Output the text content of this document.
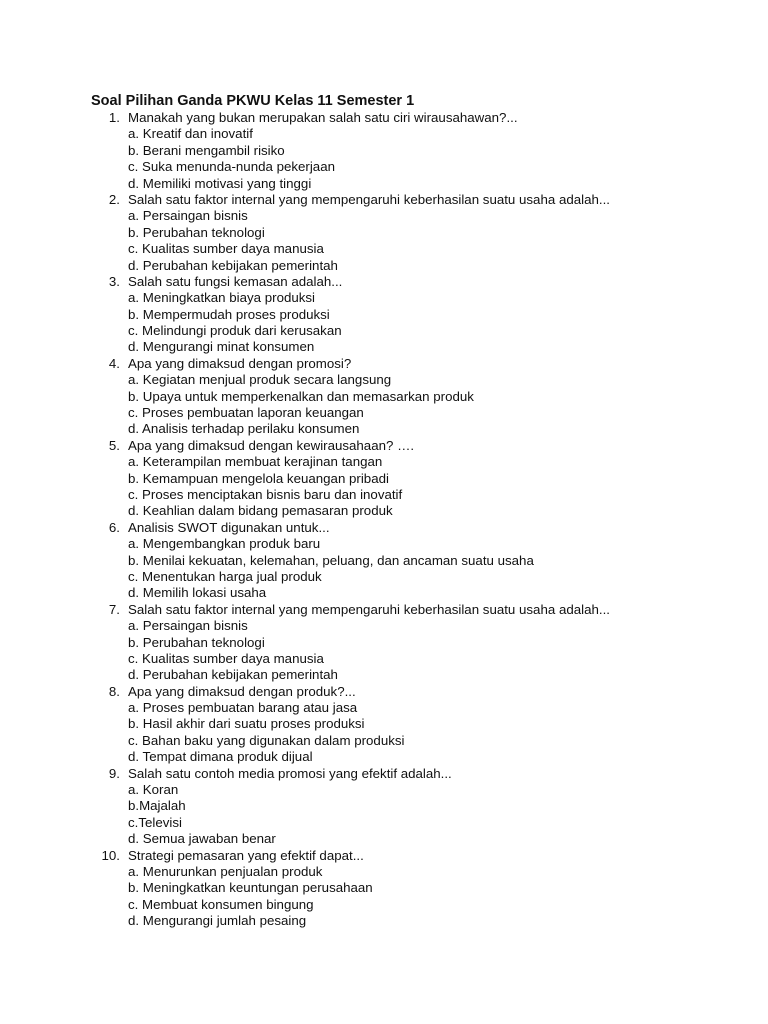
Soal Pilihan Ganda PKWU Kelas 11 Semester 1
1. Manakah yang bukan merupakan salah satu ciri wirausahawan?...
a. Kreatif dan inovatif
b. Berani mengambil risiko
c. Suka menunda-nunda pekerjaan
d. Memiliki motivasi yang tinggi
2. Salah satu faktor internal yang mempengaruhi keberhasilan suatu usaha adalah...
a. Persaingan bisnis
b. Perubahan teknologi
c. Kualitas sumber daya manusia
d. Perubahan kebijakan pemerintah
3. Salah satu fungsi kemasan adalah...
a. Meningkatkan biaya produksi
b. Mempermudah proses produksi
c. Melindungi produk dari kerusakan
d. Mengurangi minat konsumen
4. Apa yang dimaksud dengan promosi?
a. Kegiatan menjual produk secara langsung
b. Upaya untuk memperkenalkan dan memasarkan produk
c. Proses pembuatan laporan keuangan
d. Analisis terhadap perilaku konsumen
5. Apa yang dimaksud dengan kewirausahaan? ….
a. Keterampilan membuat kerajinan tangan
b. Kemampuan mengelola keuangan pribadi
c. Proses menciptakan bisnis baru dan inovatif
d. Keahlian dalam bidang pemasaran produk
6. Analisis SWOT digunakan untuk...
a. Mengembangkan produk baru
b. Menilai kekuatan, kelemahan, peluang, dan ancaman suatu usaha
c. Menentukan harga jual produk
d. Memilih lokasi usaha
7. Salah satu faktor internal yang mempengaruhi keberhasilan suatu usaha adalah...
a. Persaingan bisnis
b. Perubahan teknologi
c. Kualitas sumber daya manusia
d. Perubahan kebijakan pemerintah
8. Apa yang dimaksud dengan produk?...
a. Proses pembuatan barang atau jasa
b. Hasil akhir dari suatu proses produksi
c. Bahan baku yang digunakan dalam produksi
d. Tempat dimana produk dijual
9. Salah satu contoh media promosi yang efektif adalah...
a. Koran
b.Majalah
c.Televisi
d. Semua jawaban benar
10. Strategi pemasaran yang efektif dapat...
a. Menurunkan penjualan produk
b. Meningkatkan keuntungan perusahaan
c. Membuat konsumen bingung
d. Mengurangi jumlah pesaing
